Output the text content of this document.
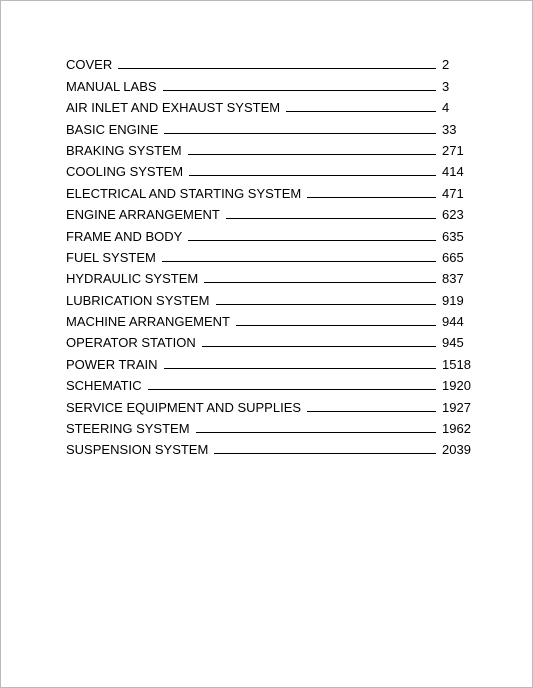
COVER	2
MANUAL LABS	3
AIR INLET AND EXHAUST SYSTEM	4
BASIC ENGINE	33
BRAKING SYSTEM	271
COOLING SYSTEM	414
ELECTRICAL AND STARTING SYSTEM	471
ENGINE ARRANGEMENT	623
FRAME AND BODY	635
FUEL SYSTEM	665
HYDRAULIC SYSTEM	837
LUBRICATION SYSTEM	919
MACHINE ARRANGEMENT	944
OPERATOR STATION	945
POWER TRAIN	1518
SCHEMATIC	1920
SERVICE EQUIPMENT AND SUPPLIES	1927
STEERING SYSTEM	1962
SUSPENSION SYSTEM	2039
